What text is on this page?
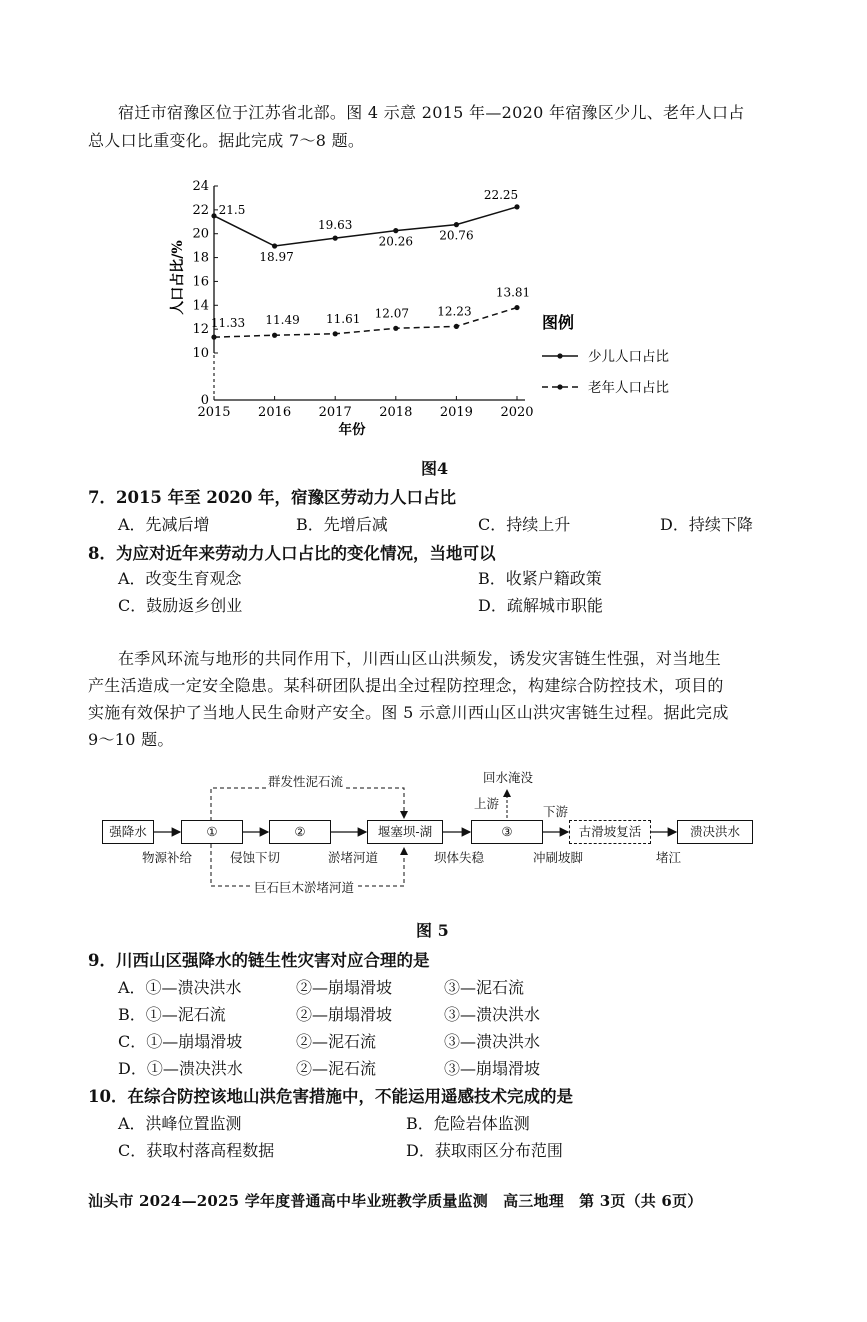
宿迁市宿豫区位于江苏省北部。图 4 示意 2015 年—2020 年宿豫区少儿、老年人口占
总人口比重变化。据此完成 7～8 题。
0
10
12
14
16
18
20
22
24
2015 2016 2017 2018 2019 2020
年份
人口占比/%
21.5
18.97
19.63
20.26 20.76
22.25
11.33 11.49 11.61 12.07 12.23
13.81
图例
少儿人口占比
老年人口占比
图4
7．2015 年至 2020 年，宿豫区劳动力人口占比
A．先减后增	B．先增后减	C．持续上升	D．持续下降
8．为应对近年来劳动力人口占比的变化情况，当地可以
A．改变生育观念	B．收紧户籍政策
C．鼓励返乡创业	D．疏解城市职能
在季风环流与地形的共同作用下，川西山区山洪频发，诱发灾害链生性强，对当地生
产生活造成一定安全隐患。某科研团队提出全过程防控理念，构建综合防控技术，项目的
实施有效保护了当地人民生命财产安全。图 5 示意川西山区山洪灾害链生过程。据此完成
9～10 题。
强降水	①	②	堰塞坝-湖	③	古滑坡复活	溃决洪水
物源补给	侵蚀下切	淤堵河道	坝体失稳	冲刷坡脚	堵江
群发性泥石流
巨石巨木淤堵河道
回水淹没
上游
下游
图 5
9．川西山区强降水的链生性灾害对应合理的是
A．①—溃决洪水	②—崩塌滑坡	③—泥石流
B．①—泥石流	②—崩塌滑坡	③—溃决洪水
C．①—崩塌滑坡	②—泥石流	③—溃决洪水
D．①—溃决洪水	②—泥石流	③—崩塌滑坡
10．在综合防控该地山洪危害措施中，不能运用遥感技术完成的是
A．洪峰位置监测	B．危险岩体监测
C．获取村落高程数据	D．获取雨区分布范围
汕头市 2024—2025 学年度普通高中毕业班教学质量监测　高三地理　第 3页（共 6页）
